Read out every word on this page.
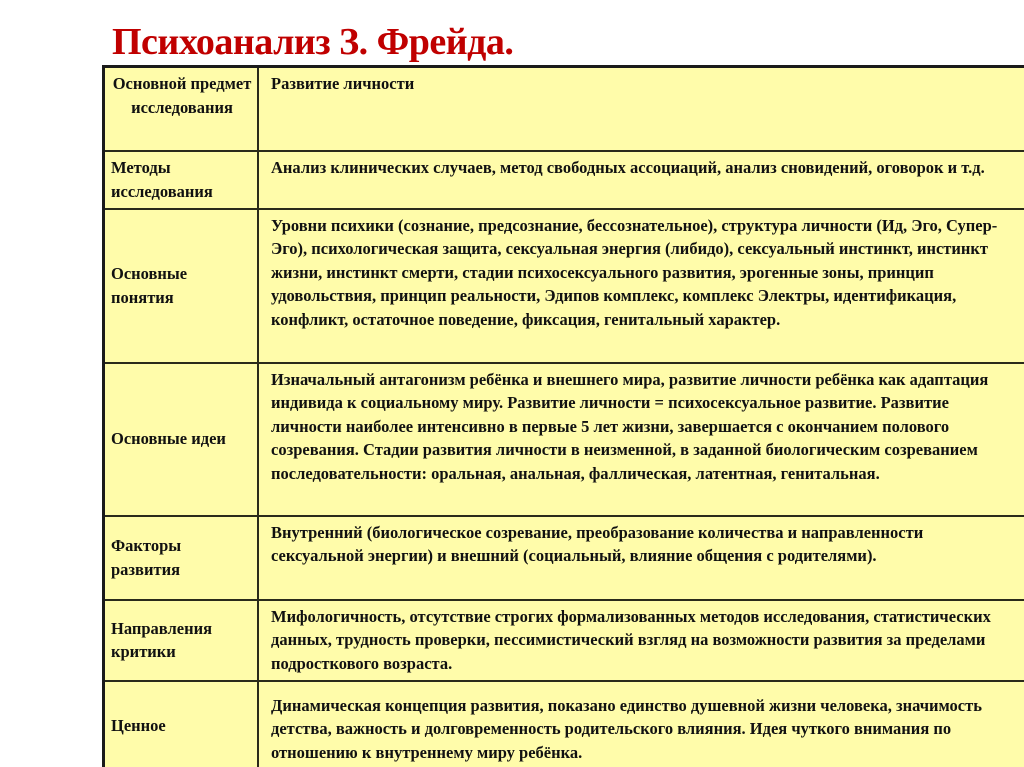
Психоанализ З. Фрейда.
Основной предмет исследования	Развитие личности
Методы исследования	Анализ клинических случаев, метод свободных ассоциаций, анализ сновидений, оговорок и т.д.
Основные понятия	Уровни психики (сознание, предсознание, бессознательное), структура личности (Ид, Эго, Супер-Эго), психологическая защита, сексуальная энергия (либидо), сексуальный инстинкт, инстинкт жизни, инстинкт смерти, стадии психосексуального развития, эрогенные зоны, принцип удовольствия, принцип реальности, Эдипов комплекс, комплекс Электры, идентификация, конфликт, остаточное поведение, фиксация, генитальный характер.
Основные идеи	Изначальный антагонизм ребёнка и внешнего мира, развитие личности ребёнка как адаптация индивида к социальному миру. Развитие личности = психосексуальное развитие. Развитие личности наиболее интенсивно в первые 5 лет жизни, завершается с окончанием полового созревания. Стадии развития личности в неизменной, в заданной биологическим созреванием последовательности: оральная, анальная, фаллическая, латентная, генитальная.
Факторы развития	Внутренний (биологическое созревание, преобразование количества и направленности сексуальной энергии) и внешний (социальный, влияние общения с родителями).
Направления критики	Мифологичность, отсутствие строгих формализованных методов исследования, статистических данных, трудность проверки, пессимистический взгляд на возможности развития за пределами подросткового возраста.
Ценное	Динамическая концепция развития, показано единство душевной жизни человека, значимость детства, важность и долговременность родительского влияния. Идея чуткого внимания по отношению к внутреннему миру ребёнка.
